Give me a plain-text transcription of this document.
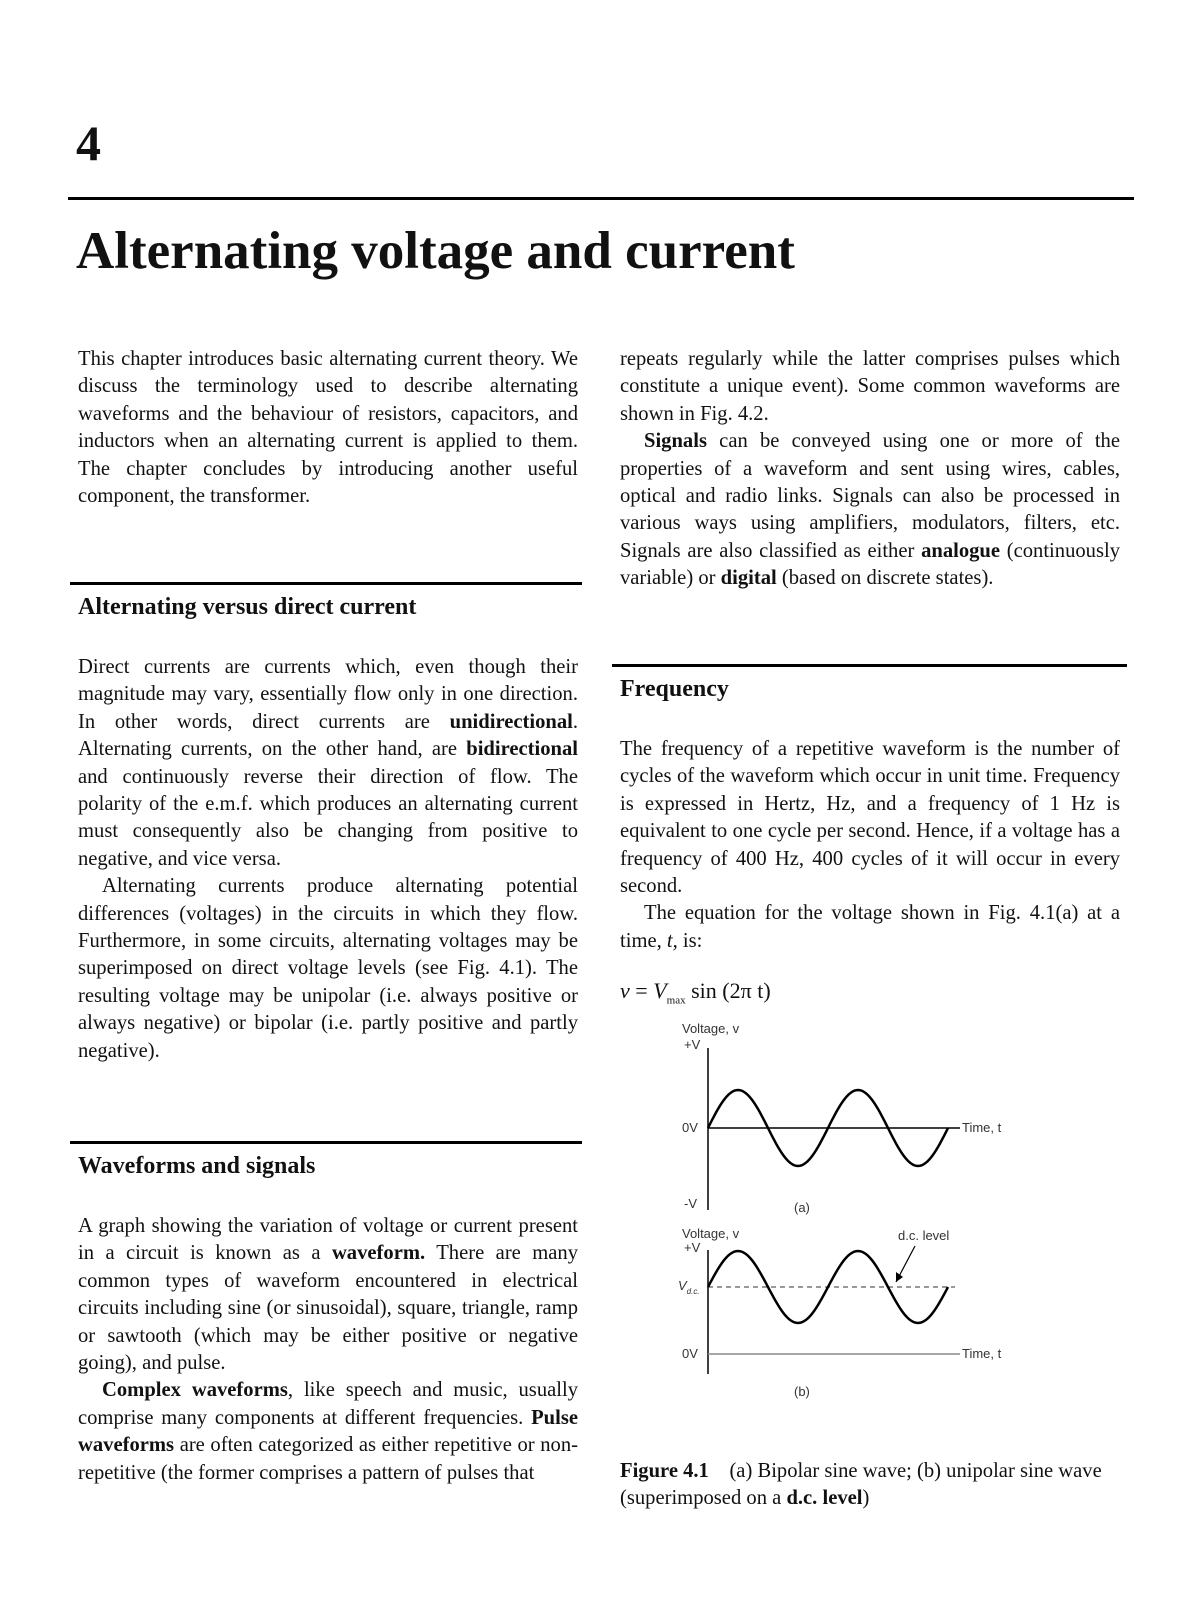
4
Alternating voltage and current

This chapter introduces basic alternating current theory. We discuss the terminology used to describe alternating waveforms and the behaviour of resistors, capacitors, and inductors when an alternating current is applied to them. The chapter concludes by introducing another useful component, the transformer.

Alternating versus direct current

Direct currents are currents which, even though their magnitude may vary, essentially flow only in one direction. In other words, direct currents are unidirectional. Alternating currents, on the other hand, are bidirectional and continuously reverse their direction of flow. The polarity of the e.m.f. which produces an alternating current must consequently also be changing from positive to negative, and vice versa.

Alternating currents produce alternating potential differences (voltages) in the circuits in which they flow. Furthermore, in some circuits, alternating voltages may be superimposed on direct voltage levels (see Fig. 4.1). The resulting voltage may be unipolar (i.e. always positive or always negative) or bipolar (i.e. partly positive and partly negative).

Waveforms and signals

A graph showing the variation of voltage or current present in a circuit is known as a waveform. There are many common types of waveform encountered in electrical circuits including sine (or sinusoidal), square, triangle, ramp or sawtooth (which may be either positive or negative going), and pulse.

Complex waveforms, like speech and music, usually comprise many components at different frequencies. Pulse waveforms are often categorized as either repetitive or non-repetitive (the former comprises a pattern of pulses that

repeats regularly while the latter comprises pulses which constitute a unique event). Some common waveforms are shown in Fig. 4.2.

Signals can be conveyed using one or more of the properties of a waveform and sent using wires, cables, optical and radio links. Signals can also be processed in various ways using amplifiers, modulators, filters, etc. Signals are also classified as either analogue (continuously variable) or digital (based on discrete states).

Frequency

The frequency of a repetitive waveform is the number of cycles of the waveform which occur in unit time. Frequency is expressed in Hertz, Hz, and a frequency of 1 Hz is equivalent to one cycle per second. Hence, if a voltage has a frequency of 400 Hz, 400 cycles of it will occur in every second.

The equation for the voltage shown in Fig. 4.1(a) at a time, t, is:

$v = V_{max}$ sin (2π t)
Voltage, v
+V
0V
-V
Time, t
(a)
Voltage, v
+V
$V_{d.c.}$
0V	Time, t
d.c. level
(b)
Figure 4.1 (a) Bipolar sine wave; (b) unipolar sine wave (superimposed on a d.c. level)
